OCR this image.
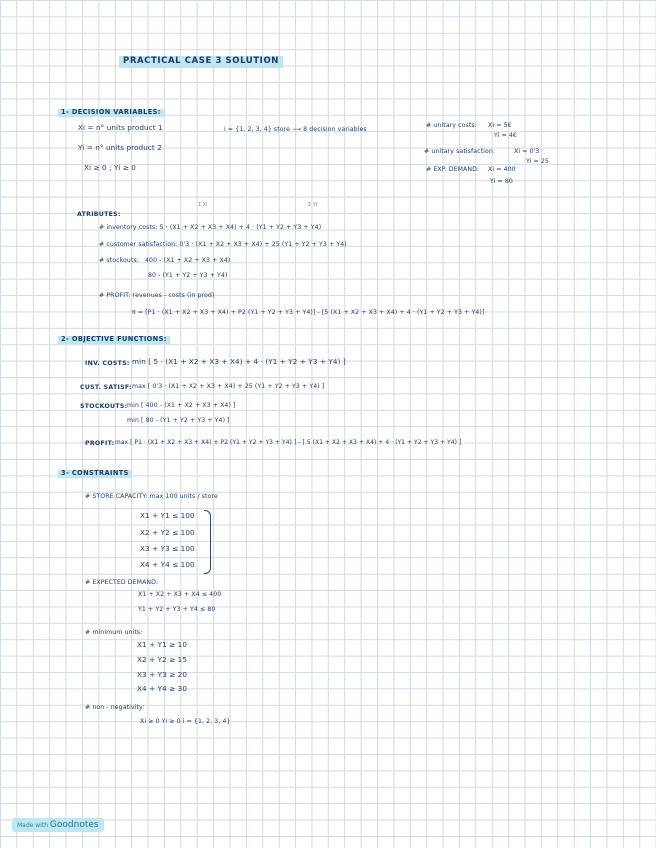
PRACTICAL CASE 3 SOLUTION
1- DECISION VARIABLES:
Xi = n° units product 1
Yi = n° units product 2
Xi ≥ 0 ; Yi ≥ 0
i = {1, 2, 3, 4} store ⟶ 8 decision variables
# unitary costs: Xi = 5€
Yi = 4€
# unitary satisfaction:	Xi = 0'3
Yi = 25
# EXP. DEMAND: Xi = 400
Yi = 80
ATRIBUTES:
Σ Xi	Σ Yi
# inventory costs: 5 · (X1 + X2 + X3 + X4) + 4 · (Y1 + Y2 + Y3 + Y4)
# customer satisfaction: 0'3 · (X1 + X2 + X3 + X4) + 25 (Y1 + Y2 + Y3 + Y4)
# stockouts: 400 - (X1 + X2 + X3 + X4)
80 - (Y1 + Y2 + Y3 + Y4)
# PROFIT: revenues - costs (in prod)
π = [P1 · (X1 + X2 + X3 + X4) + P2 (Y1 + Y2 + Y3 + Y4)] - [5 (X1 + X2 + X3 + X4) + 4 · (Y1 + Y2 + Y3 + Y4)]
2- OBJECTIVE FUNCTIONS:
INV. COSTS: min [ 5 · (X1 + X2 + X3 + X4) + 4 · (Y1 + Y2 + Y3 + Y4) ]
CUST. SATISF: max [ 0'3 · (X1 + X2 + X3 + X4) + 25 (Y1 + Y2 + Y3 + Y4) ]
STOCKOUTS: min [ 400 - (X1 + X2 + X3 + X4) ]
min [ 80 - (Y1 + Y2 + Y3 + Y4) ]
PROFIT: max [ P1 · (X1 + X2 + X3 + X4) + P2 (Y1 + Y2 + Y3 + Y4) ] - [ 5 (X1 + X2 + X3 + X4) + 4 · (Y1 + Y2 + Y3 + Y4) ]
3- CONSTRAINTS
# STORE CAPACITY: max 100 units / store
X1 + Y1 ≤ 100
X2 + Y2 ≤ 100
X3 + Y3 ≤ 100
X4 + Y4 ≤ 100
# EXPECTED DEMAND:
X1 + X2 + X3 + X4 ≤ 400
Y1 + Y2 + Y3 + Y4 ≤ 80
# minimum units:
X1 + Y1 ≥ 10
X2 + Y2 ≥ 15
X3 + Y3 ≥ 20
X4 + Y4 ≥ 30
# non - negativity:
Xi ≥ 0 Yi ≥ 0 i = {1, 2, 3, 4}
Made with Goodnotes
